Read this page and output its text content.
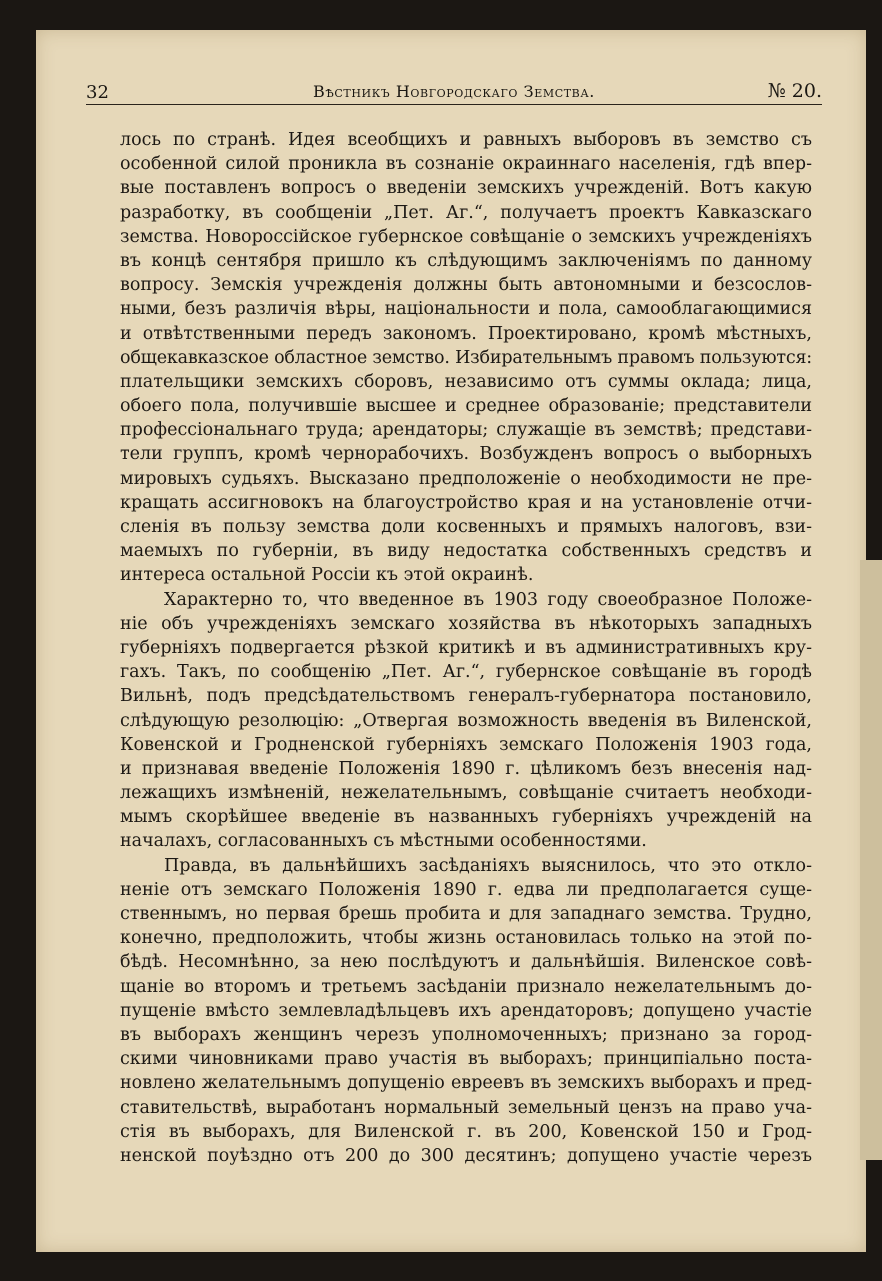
32	Вѣстникъ Новгородскаго Земства.	№ 20.
лось по странѣ. Идея всеобщихъ и равныхъ выборовъ въ земство съ
особенной силой проникла въ сознаніе окраиннаго населенія, гдѣ впер-
вые поставленъ вопросъ о введеніи земскихъ учрежденій. Вотъ какую
разработку, въ сообщеніи „Пет. Аг.“, получаетъ проектъ Кавказскаго
земства. Новороссійское губернское совѣщаніе о земскихъ учрежденіяхъ
въ концѣ сентября пришло къ слѣдующимъ заключеніямъ по данному
вопросу. Земскія учрежденія должны быть автономными и безсослов-
ными, безъ различія вѣры, національности и пола, самооблагающимися
и отвѣтственными передъ закономъ. Проектировано, кромѣ мѣстныхъ,
общекавказское областное земство. Избирательнымъ правомъ пользуются:
плательщики земскихъ сборовъ, независимо отъ суммы оклада; лица,
обоего пола, получившіе высшее и среднее образованіе; представители
профессіональнаго труда; арендаторы; служащіе въ земствѣ; представи-
тели группъ, кромѣ чернорабочихъ. Возбужденъ вопросъ о выборныхъ
мировыхъ судьяхъ. Высказано предположеніе о необходимости не пре-
кращать ассигновокъ на благоустройство края и на установленіе отчи-
сленія въ пользу земства доли косвенныхъ и прямыхъ налоговъ, взи-
маемыхъ по губерніи, въ виду недостатка собственныхъ средствъ и
интереса остальной Россіи къ этой окраинѣ.
Характерно то, что введенное въ 1903 году своеобразное Положе-
ніе объ учрежденіяхъ земскаго хозяйства въ нѣкоторыхъ западныхъ
губерніяхъ подвергается рѣзкой критикѣ и въ административныхъ кру-
гахъ. Такъ, по сообщенію „Пет. Аг.“, губернское совѣщаніе въ городѣ
Вильнѣ, подъ предсѣдательствомъ генералъ-губернатора постановило,
слѣдующую резолюцію: „Отвергая возможность введенія въ Виленской,
Ковенской и Гродненской губерніяхъ земскаго Положенія 1903 года,
и признавая введеніе Положенія 1890 г. цѣликомъ безъ внесенія над-
лежащихъ измѣненій, нежелательнымъ, совѣщаніе считаетъ необходи-
мымъ скорѣйшее введеніе въ названныхъ губерніяхъ учрежденій на
началахъ, согласованныхъ съ мѣстными особенностями.
Правда, въ дальнѣйшихъ засѣданіяхъ выяснилось, что это откло-
неніе отъ земскаго Положенія 1890 г. едва ли предполагается суще-
ственнымъ, но первая брешь пробита и для западнаго земства. Трудно,
конечно, предположить, чтобы жизнь остановилась только на этой по-
бѣдѣ. Несомнѣнно, за нею послѣдуютъ и дальнѣйшія. Виленское совѣ-
щаніе во второмъ и третьемъ засѣданіи признало нежелательнымъ до-
пущеніе вмѣсто землевладѣльцевъ ихъ арендаторовъ; допущено участіе
въ выборахъ женщинъ черезъ уполномоченныхъ; признано за город-
скими чиновниками право участія въ выборахъ; принципіально поста-
новлено желательнымъ допущеніо евреевъ въ земскихъ выборахъ и пред-
ставительствѣ, выработанъ нормальный земельный цензъ на право уча-
стія въ выборахъ, для Виленской г. въ 200, Ковенской 150 и Грод-
ненской поуѣздно отъ 200 до 300 десятинъ; допущено участіе черезъ
